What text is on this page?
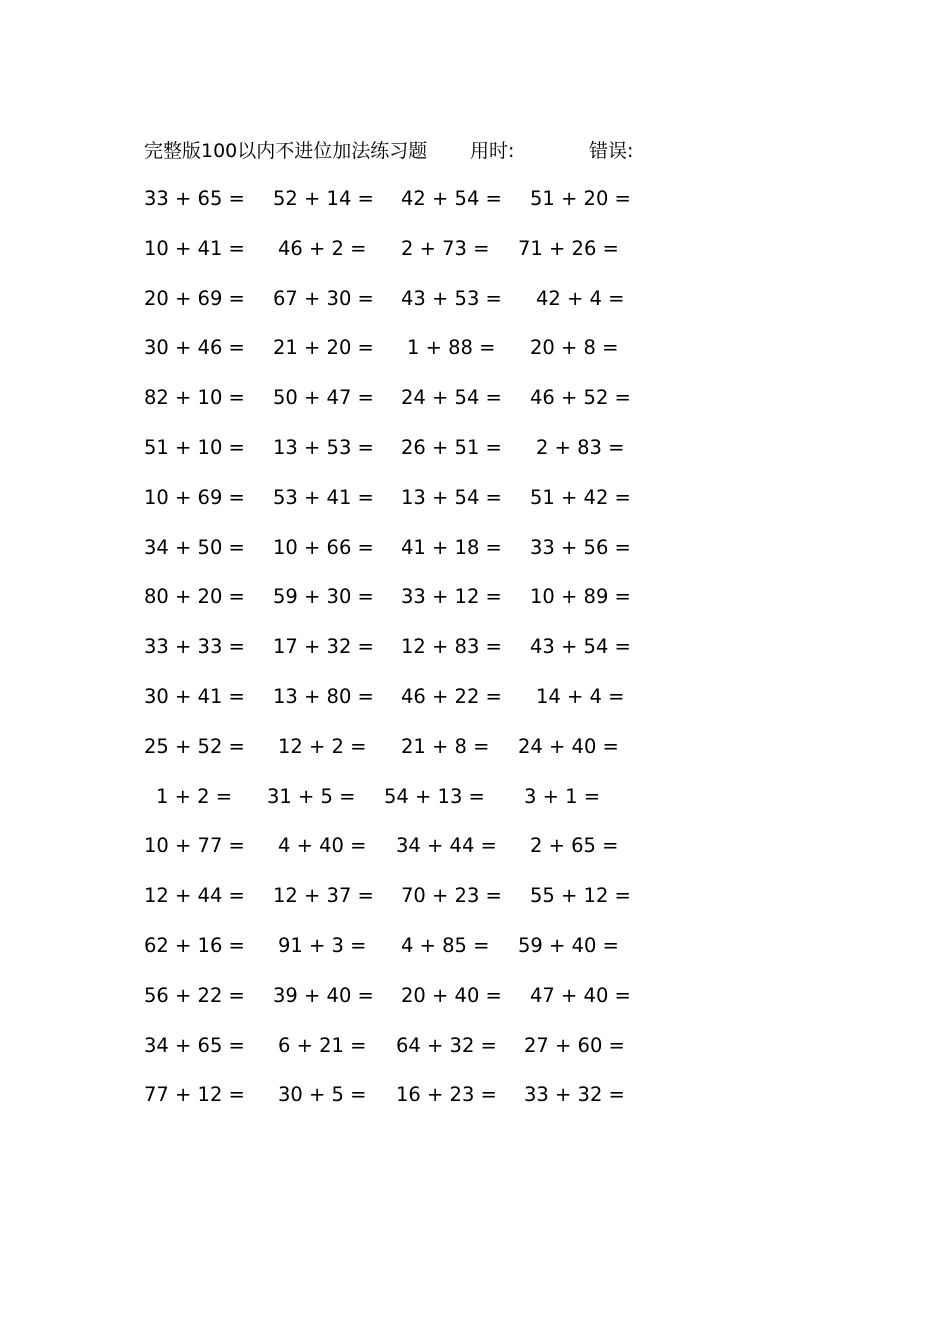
完整版100以内不进位加法练习题 用时:	错误:
33 + 65 =	52 + 14 =	42 + 54 =	51 + 20 =
10 + 41 =	46 + 2 =	2 + 73 =	71 + 26 =
20 + 69 =	67 + 30 =	43 + 53 =	42 + 4 =
30 + 46 =	21 + 20 =	1 + 88 =	20 + 8 =
82 + 10 =	50 + 47 =	24 + 54 =	46 + 52 =
51 + 10 =	13 + 53 =	26 + 51 =	2 + 83 =
10 + 69 =	53 + 41 =	13 + 54 =	51 + 42 =
34 + 50 =	10 + 66 =	41 + 18 =	33 + 56 =
80 + 20 =	59 + 30 =	33 + 12 =	10 + 89 =
33 + 33 =	17 + 32 =	12 + 83 =	43 + 54 =
30 + 41 =	13 + 80 =	46 + 22 =	14 + 4 =
25 + 52 =	12 + 2 =	21 + 8 =	24 + 40 =
1 + 2 =	31 + 5 =	54 + 13 =	3 + 1 =
10 + 77 =	4 + 40 =	34 + 44 =	2 + 65 =
12 + 44 =	12 + 37 =	70 + 23 =	55 + 12 =
62 + 16 =	91 + 3 =	4 + 85 =	59 + 40 =
56 + 22 =	39 + 40 =	20 + 40 =	47 + 40 =
34 + 65 =	6 + 21 =	64 + 32 =	27 + 60 =
77 + 12 =	30 + 5 =	16 + 23 =	33 + 32 =
